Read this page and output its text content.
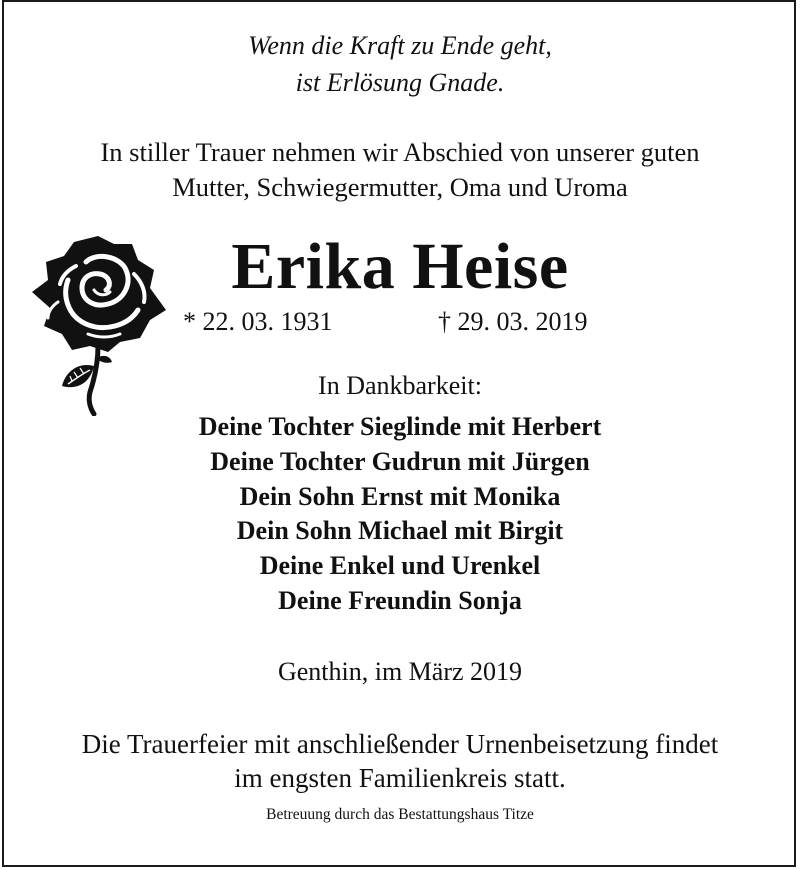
Wenn die Kraft zu Ende geht,
ist Erlösung Gnade.
In stiller Trauer nehmen wir Abschied von unserer guten
Mutter, Schwiegermutter, Oma und Uroma
Erika Heise
* 22. 03. 1931	† 29. 03. 2019
In Dankbarkeit:
Deine Tochter Sieglinde mit Herbert
Deine Tochter Gudrun mit Jürgen
Dein Sohn Ernst mit Monika
Dein Sohn Michael mit Birgit
Deine Enkel und Urenkel
Deine Freundin Sonja
Genthin, im März 2019
Die Trauerfeier mit anschließender Urnenbeisetzung findet
im engsten Familienkreis statt.
Betreuung durch das Bestattungshaus Titze
